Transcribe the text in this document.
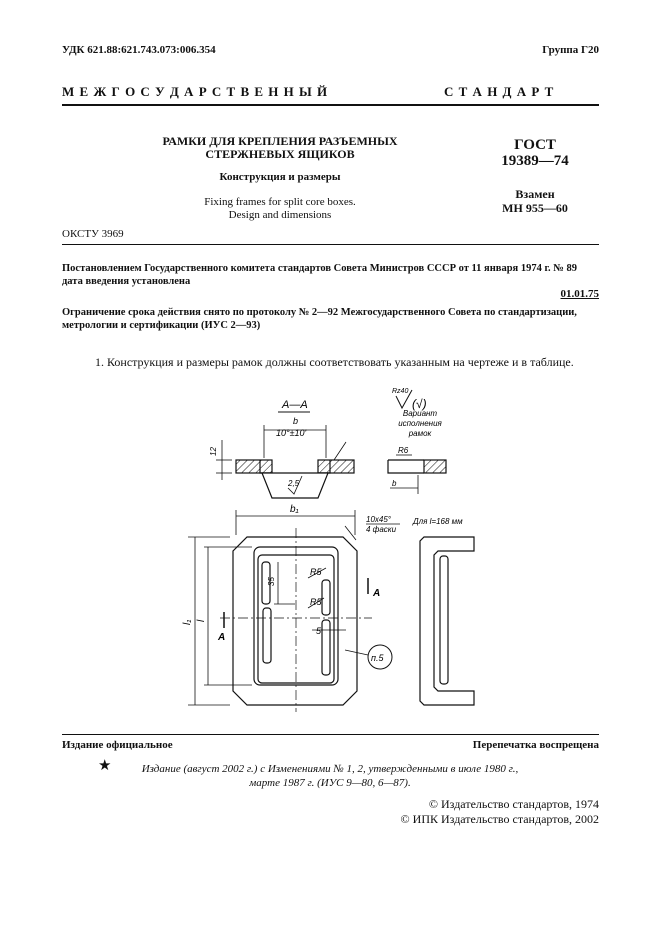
УДК 621.88:621.743.073:006.354	Группа Г20
М Е Ж Г О С У Д А Р С Т В Е Н Н Ы Й	С Т А Н Д А Р Т
РАМКИ ДЛЯ КРЕПЛЕНИЯ РАЗЪЕМНЫХ
СТЕРЖНЕВЫХ ЯЩИКОВ
Конструкция и размеры
Fixing frames for split core boxes.
Design and dimensions
ГОСТ
19389—74
Взамен
МН 955—60
ОКСТУ 3969
Постановлением Государственного комитета стандартов Совета Министров СССР от 11 января 1974 г. № 89
дата введения установлена
01.01.75
Ограничение срока действия снято по протоколу № 2—92 Межгосударственного Совета по стандартизации,
метрологии и сертификации (ИУС 2—93)
1. Конструкция и размеры рамок должны соответствовать указанным на чертеже и в таблице.
А—А
b
10°±10'
12
2,5
Rz40
(√)
Вариант
исполнения
рамок
R6
b
b₁
10х45°
4 фаски
Для l=168 мм
l₁ l
35
R5
R5
5
А
А
п.5
Издание официальное	Перепечатка воспрещена
★	Издание (август 2002 г.) с Изменениями № 1, 2, утвержденными в июле 1980 г.,
марте 1987 г. (ИУС 9—80, 6—87).
© Издательство стандартов, 1974
© ИПК Издательство стандартов, 2002
